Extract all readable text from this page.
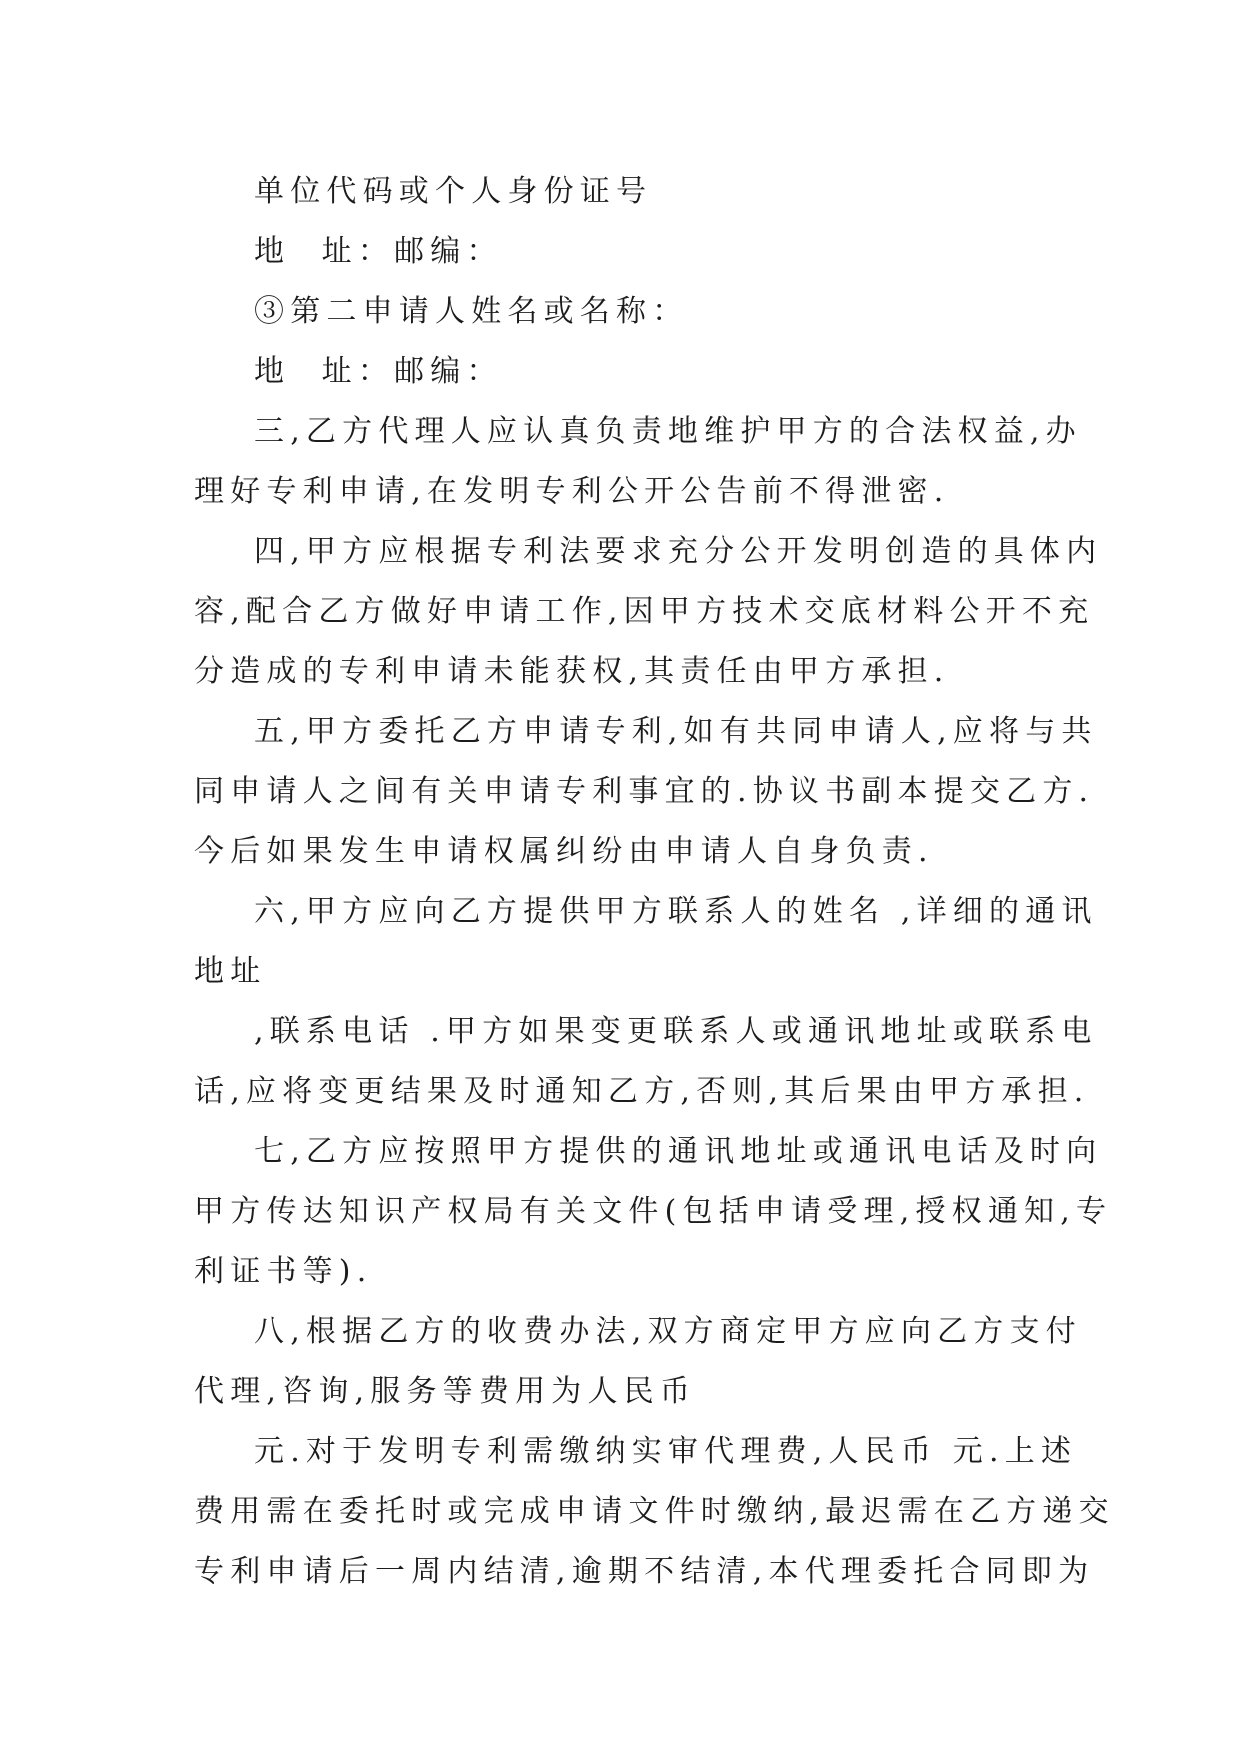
单位代码或个人身份证号
地  址：邮编：
③第二申请人姓名或名称：
地  址：邮编：
三,乙方代理人应认真负责地维护甲方的合法权益,办
理好专利申请,在发明专利公开公告前不得泄密.
四,甲方应根据专利法要求充分公开发明创造的具体内
容,配合乙方做好申请工作,因甲方技术交底材料公开不充
分造成的专利申请未能获权,其责任由甲方承担.
五,甲方委托乙方申请专利,如有共同申请人,应将与共
同申请人之间有关申请专利事宜的.协议书副本提交乙方.
今后如果发生申请权属纠纷由申请人自身负责.
六,甲方应向乙方提供甲方联系人的姓名 ,详细的通讯
地址
,联系电话 .甲方如果变更联系人或通讯地址或联系电
话,应将变更结果及时通知乙方,否则,其后果由甲方承担.
七,乙方应按照甲方提供的通讯地址或通讯电话及时向
甲方传达知识产权局有关文件(包括申请受理,授权通知,专
利证书等).
八,根据乙方的收费办法,双方商定甲方应向乙方支付
代理,咨询,服务等费用为人民币
元.对于发明专利需缴纳实审代理费,人民币 元.上述
费用需在委托时或完成申请文件时缴纳,最迟需在乙方递交
专利申请后一周内结清,逾期不结清,本代理委托合同即为
